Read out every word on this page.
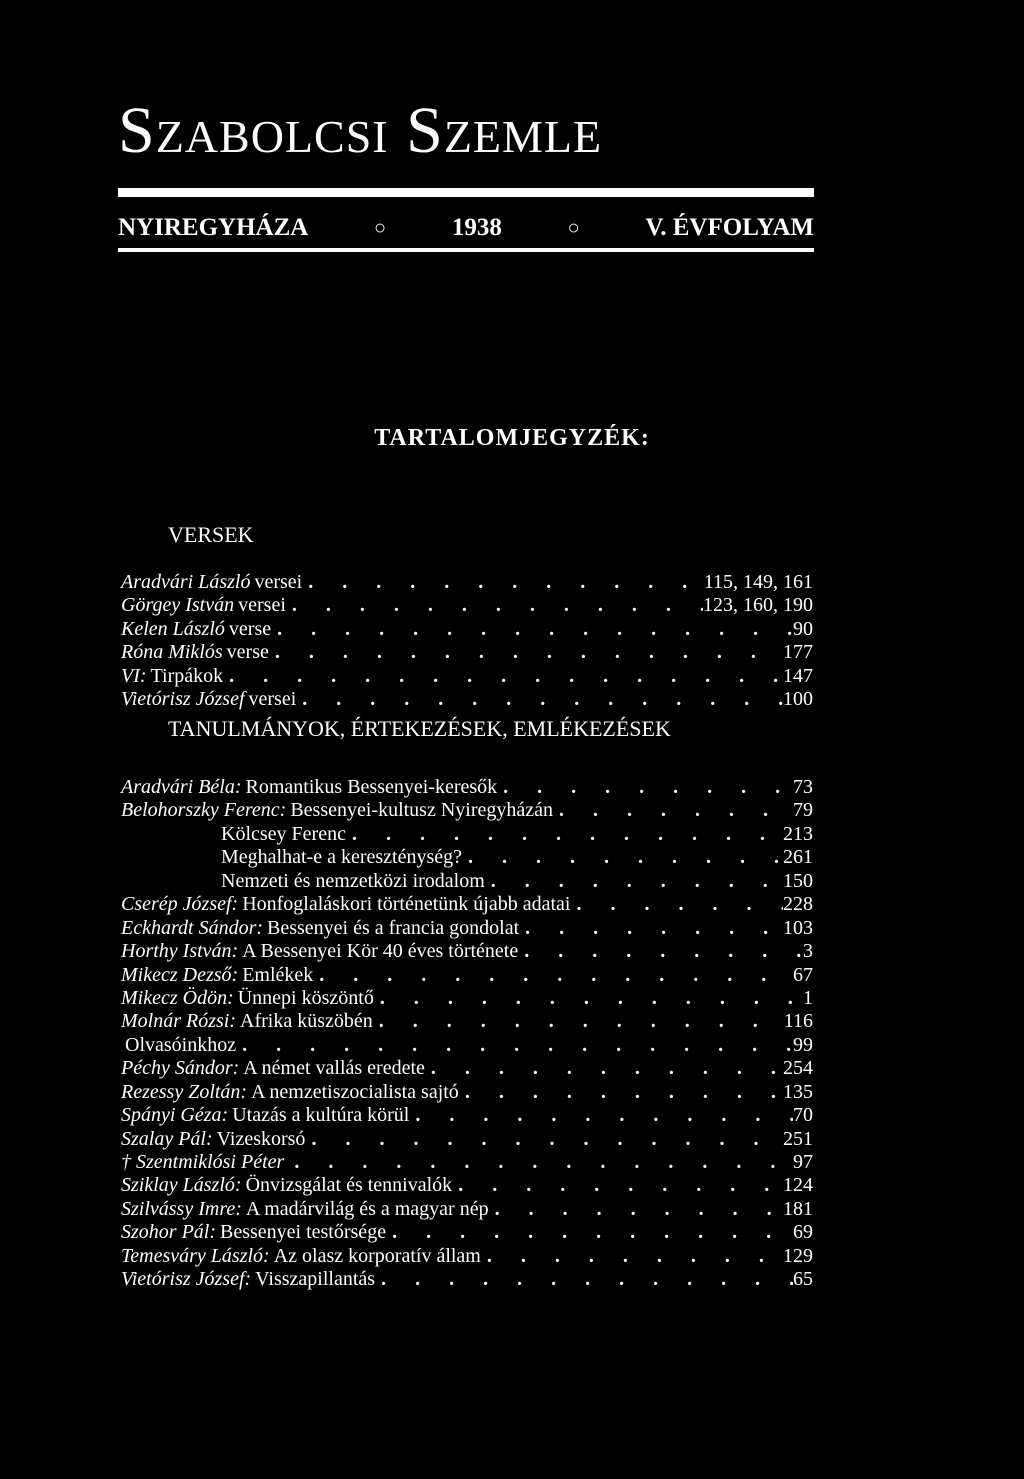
Szabolcsi Szemle
NYIREGYHÁZA	○	1938	○	V. ÉVFOLYAM
TARTALOMJEGYZÉK:
VERSEK
Aradvári László versei . . .	115, 149, 161
Görgey István versei . . .	123, 160, 190
Kelen László verse . . .	90
Róna Miklós verse . . .	177
VI: Tirpákok . . .	147
Vietórisz József versei . . .	100
TANULMÁNYOK, ÉRTEKEZÉSEK, EMLÉKEZÉSEK
Aradvári Béla: Romantikus Bessenyei-keresők . . .	73
Belohorszky Ferenc: Bessenyei-kultusz Nyiregyházán . . .	79
Kölcsey Ferenc . . .	213
Meghalhat-e a kereszténység? . . .	261
Nemzeti és nemzetközi irodalom . . .	150
Cserép József: Honfoglaláskori történetünk újabb adatai . . .	228
Eckhardt Sándor: Bessenyei és a francia gondolat . . .	103
Horthy István: A Bessenyei Kör 40 éves története . . .	3
Mikecz Dezső: Emlékek . . .	67
Mikecz Ödön: Ünnepi köszöntő . . .	1
Molnár Rózsi: Afrika küszöbén . . .	116
Olvasóinkhoz . . .	99
Péchy Sándor: A német vallás eredete . . .	254
Rezessy Zoltán: A nemzetiszocialista sajtó . . .	135
Spányi Géza: Utazás a kultúra körül . . .	70
Szalay Pál: Vizeskorsó . . .	251
† Szentmiklósi Péter . . .	97
Sziklay László: Önvizsgálat és tennivalók . . .	124
Szilvássy Imre: A madárvilág és a magyar nép . . .	181
Szohor Pál: Bessenyei testőrsége . . .	69
Temesváry László: Az olasz korporatív állam . . .	129
Vietórisz József: Visszapillantás . . .	65
